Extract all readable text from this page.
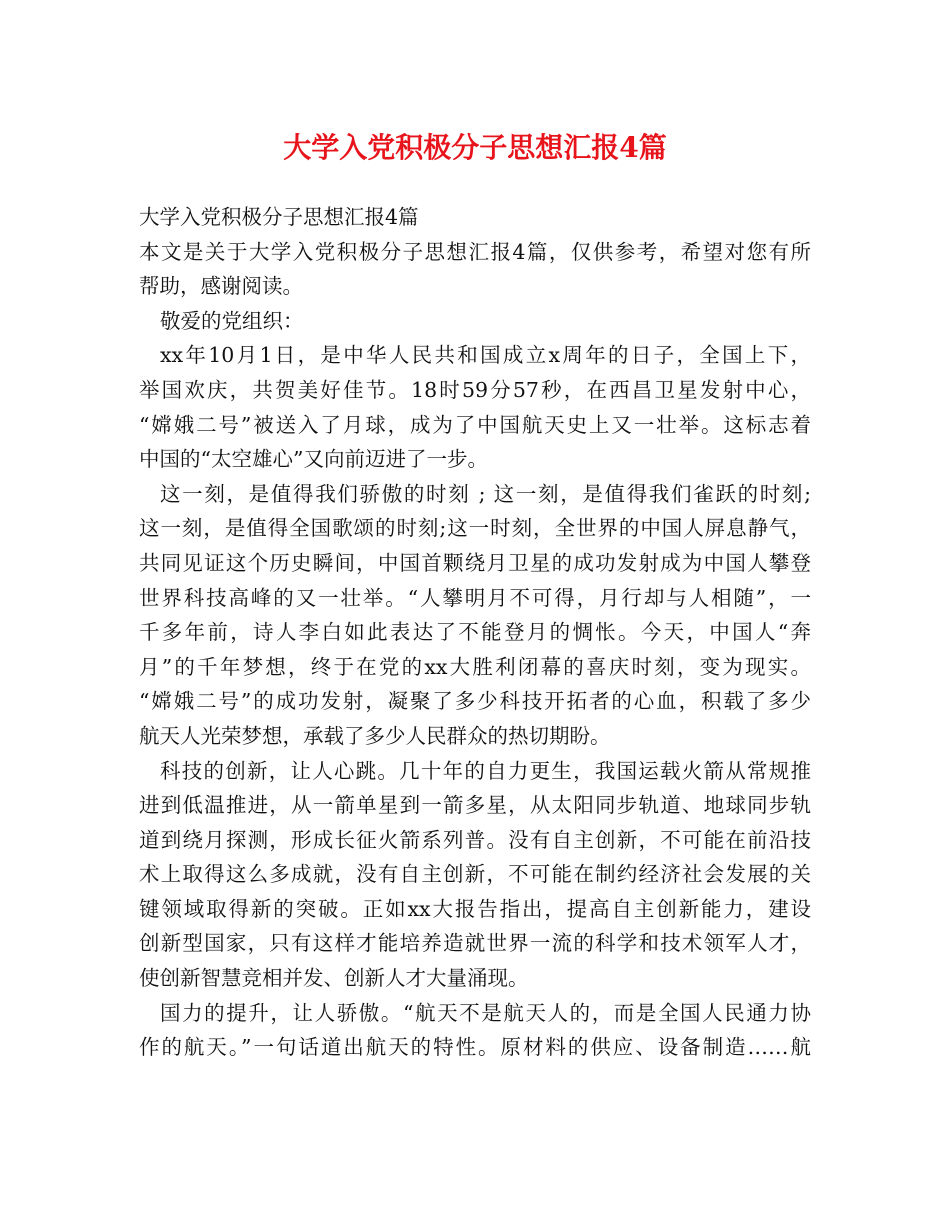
大学入党积极分子思想汇报4篇
大学入党积极分子思想汇报4篇
本文是关于大学入党积极分子思想汇报4篇，仅供参考，希望对您有所
帮助，感谢阅读。
敬爱的党组织：
xx年10月1日，是中华人民共和国成立x周年的日子，全国上下，
举国欢庆，共贺美好佳节。18时59分57秒，在西昌卫星发射中心，
“嫦娥二号”被送入了月球，成为了中国航天史上又一壮举。这标志着
中国的“太空雄心”又向前迈进了一步。
这一刻，是值得我们骄傲的时刻 ; 这一刻，是值得我们雀跃的时刻;
这一刻，是值得全国歌颂的时刻;这一时刻，全世界的中国人屏息静气，
共同见证这个历史瞬间，中国首颗绕月卫星的成功发射成为中国人攀登
世界科技高峰的又一壮举。“人攀明月不可得，月行却与人相随”，一
千多年前，诗人李白如此表达了不能登月的惆怅。今天，中国人“奔
月”的千年梦想，终于在党的xx大胜利闭幕的喜庆时刻，变为现实。
“嫦娥二号”的成功发射，凝聚了多少科技开拓者的心血，积载了多少
航天人光荣梦想，承载了多少人民群众的热切期盼。
科技的创新，让人心跳。几十年的自力更生，我国运载火箭从常规推
进到低温推进，从一箭单星到一箭多星，从太阳同步轨道、地球同步轨
道到绕月探测，形成长征火箭系列普。没有自主创新，不可能在前沿技
术上取得这么多成就，没有自主创新，不可能在制约经济社会发展的关
键领域取得新的突破。正如xx大报告指出，提高自主创新能力，建设
创新型国家，只有这样才能培养造就世界一流的科学和技术领军人才，
使创新智慧竞相并发、创新人才大量涌现。
国力的提升，让人骄傲。“航天不是航天人的，而是全国人民通力协
作的航天。”一句话道出航天的特性。原材料的供应、设备制造……航
